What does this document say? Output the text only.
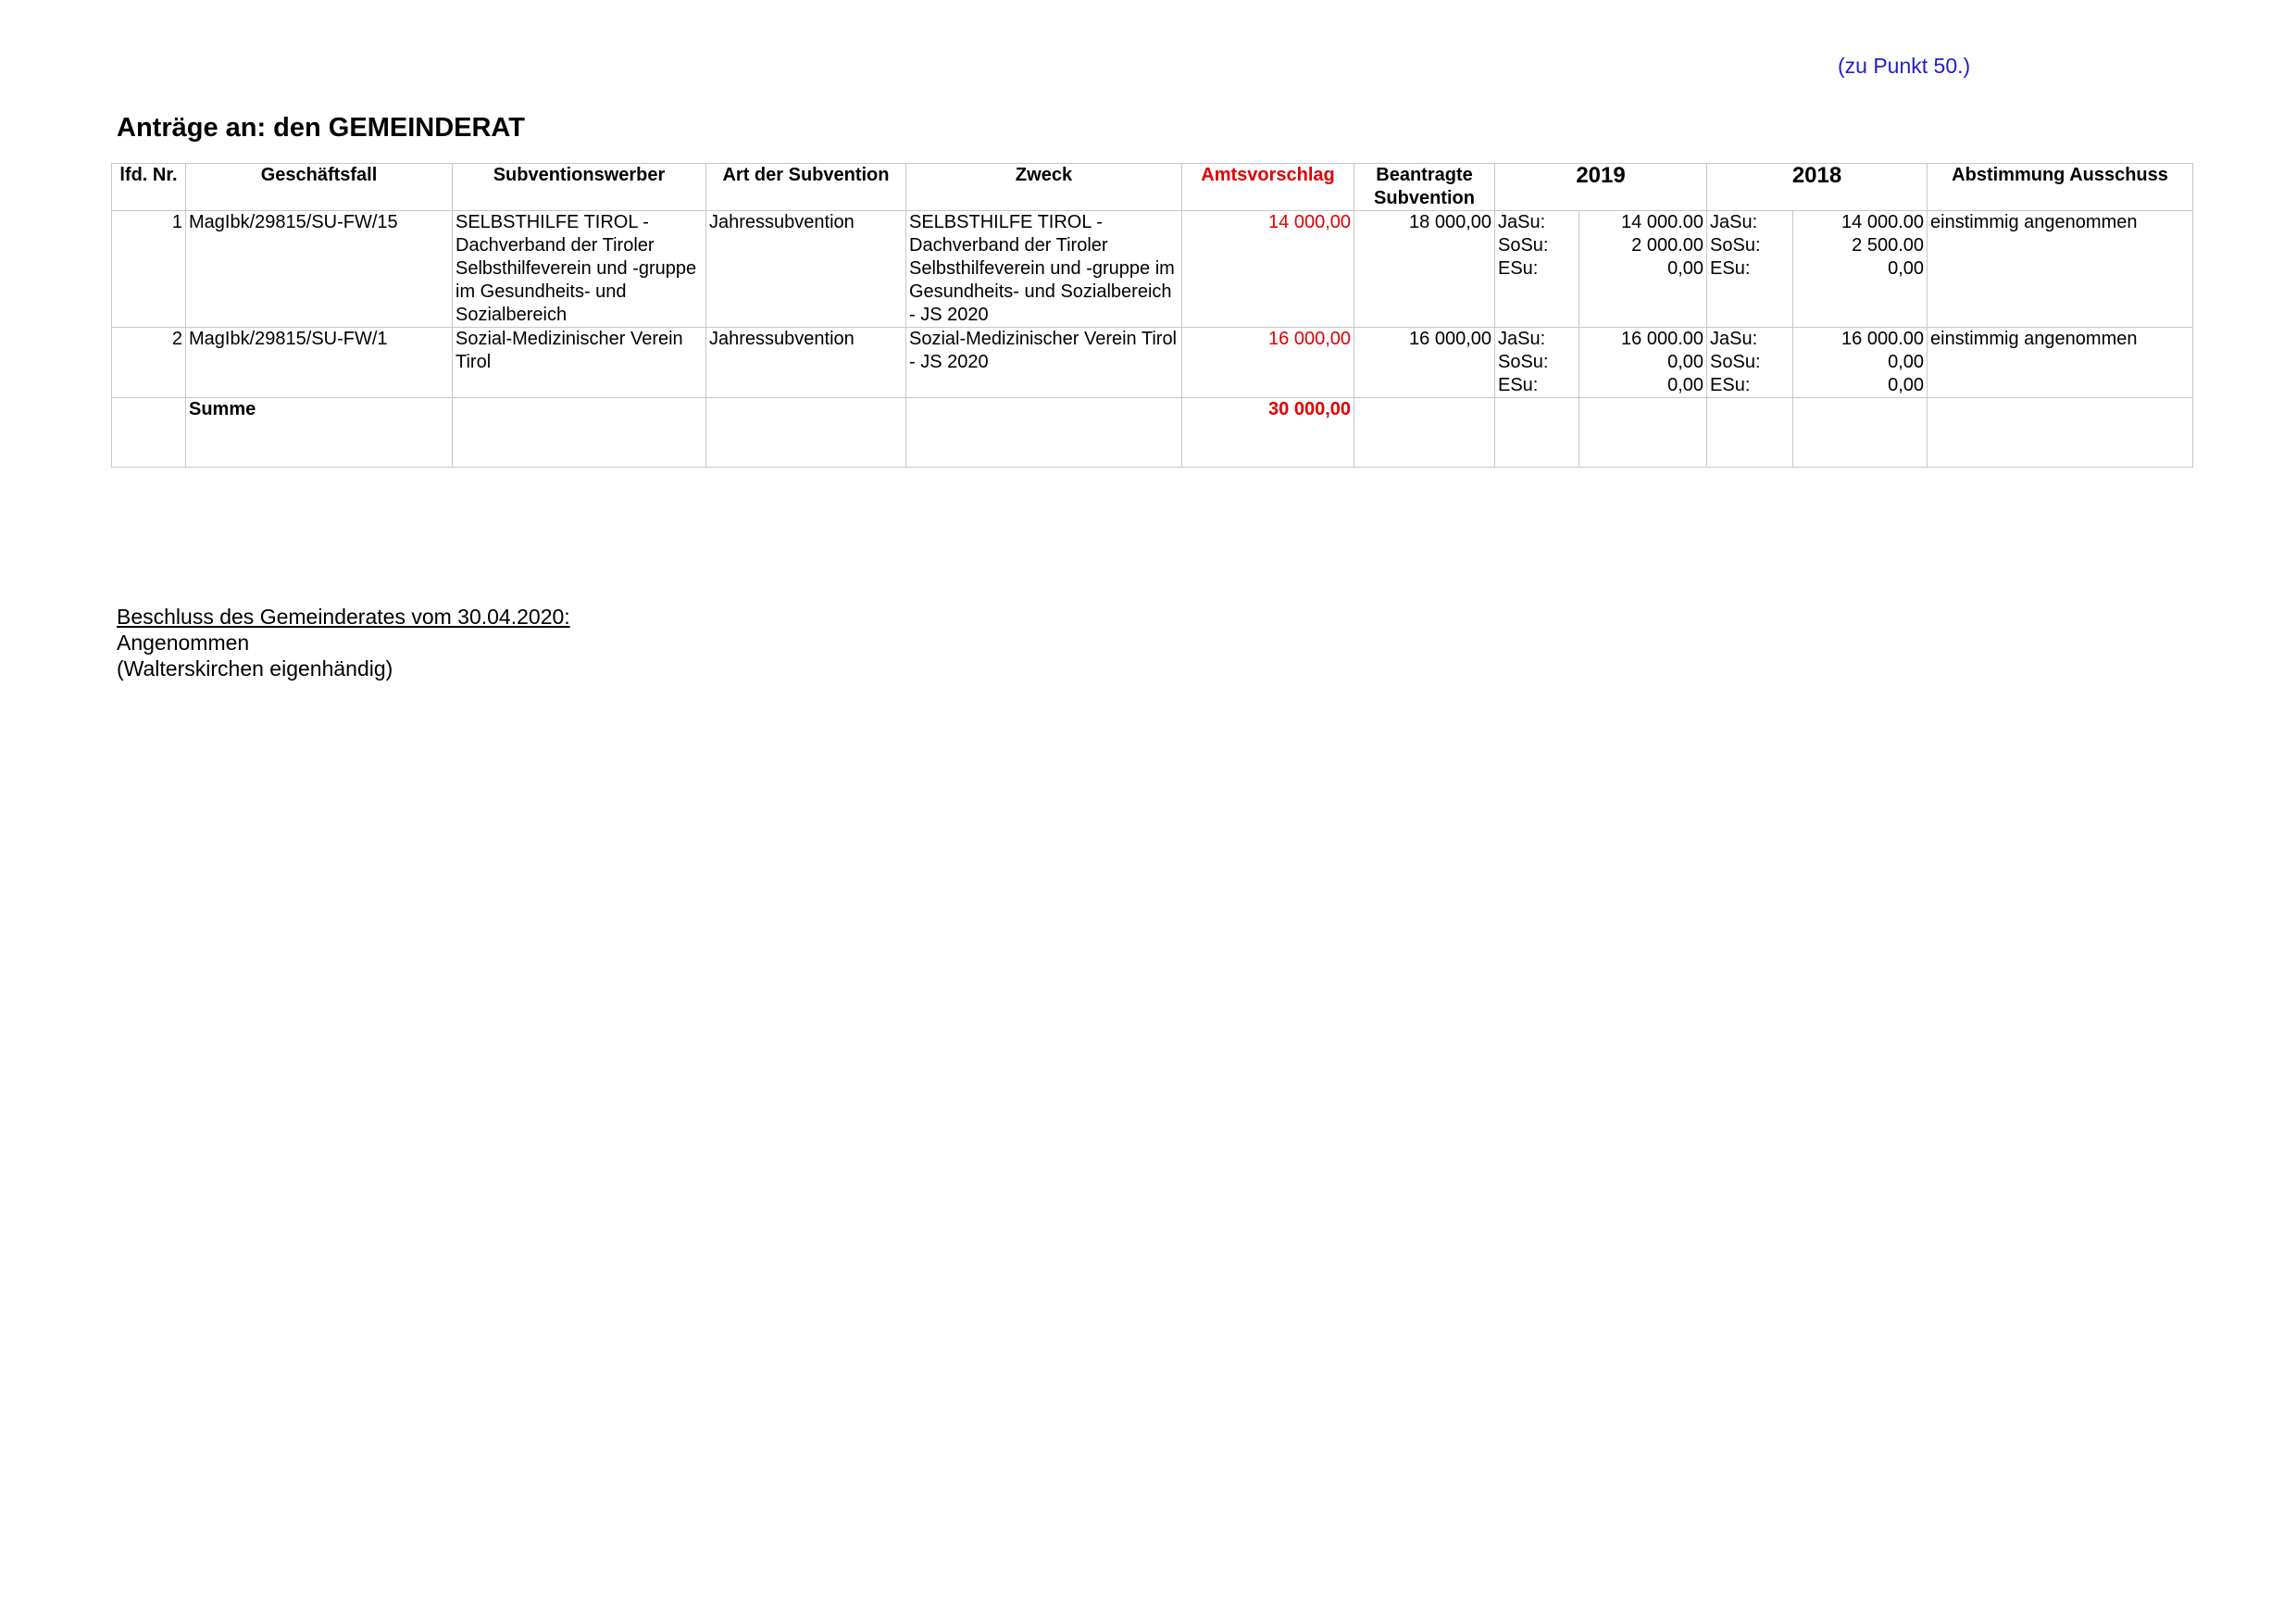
(zu Punkt 50.)
Anträge an: den GEMEINDERAT
lfd. Nr.	Geschäftsfall	Subventionswerber	Art der Subvention	Zweck	Amtsvorschlag	Beantragte Subvention	2019		2018		Abstimmung Ausschuss
1	MagIbk/29815/SU-FW/15	SELBSTHILFE TIROL - Dachverband der Tiroler Selbsthilfeverein und -gruppe im Gesundheits- und Sozialbereich	Jahressubvention	SELBSTHILFE TIROL - Dachverband der Tiroler Selbsthilfeverein und -gruppe im Gesundheits- und Sozialbereich - JS 2020	14 000,00	18 000,00	JaSu:
SoSu:
ESu:	14 000.00
2 000.00
0,00	JaSu:
SoSu:
ESu:	14 000.00
2 500.00
0,00	einstimmig angenommen
2	MagIbk/29815/SU-FW/1	Sozial-Medizinischer Verein Tirol	Jahressubvention	Sozial-Medizinischer Verein Tirol - JS 2020	16 000,00	16 000,00	JaSu:
SoSu:
ESu:	16 000.00
0,00
0,00	JaSu:
SoSu:
ESu:	16 000.00
0,00
0,00	einstimmig angenommen
	Summe				30 000,00						
Beschluss des Gemeinderates vom 30.04.2020:
Angenommen
(Walterskirchen eigenhändig)
